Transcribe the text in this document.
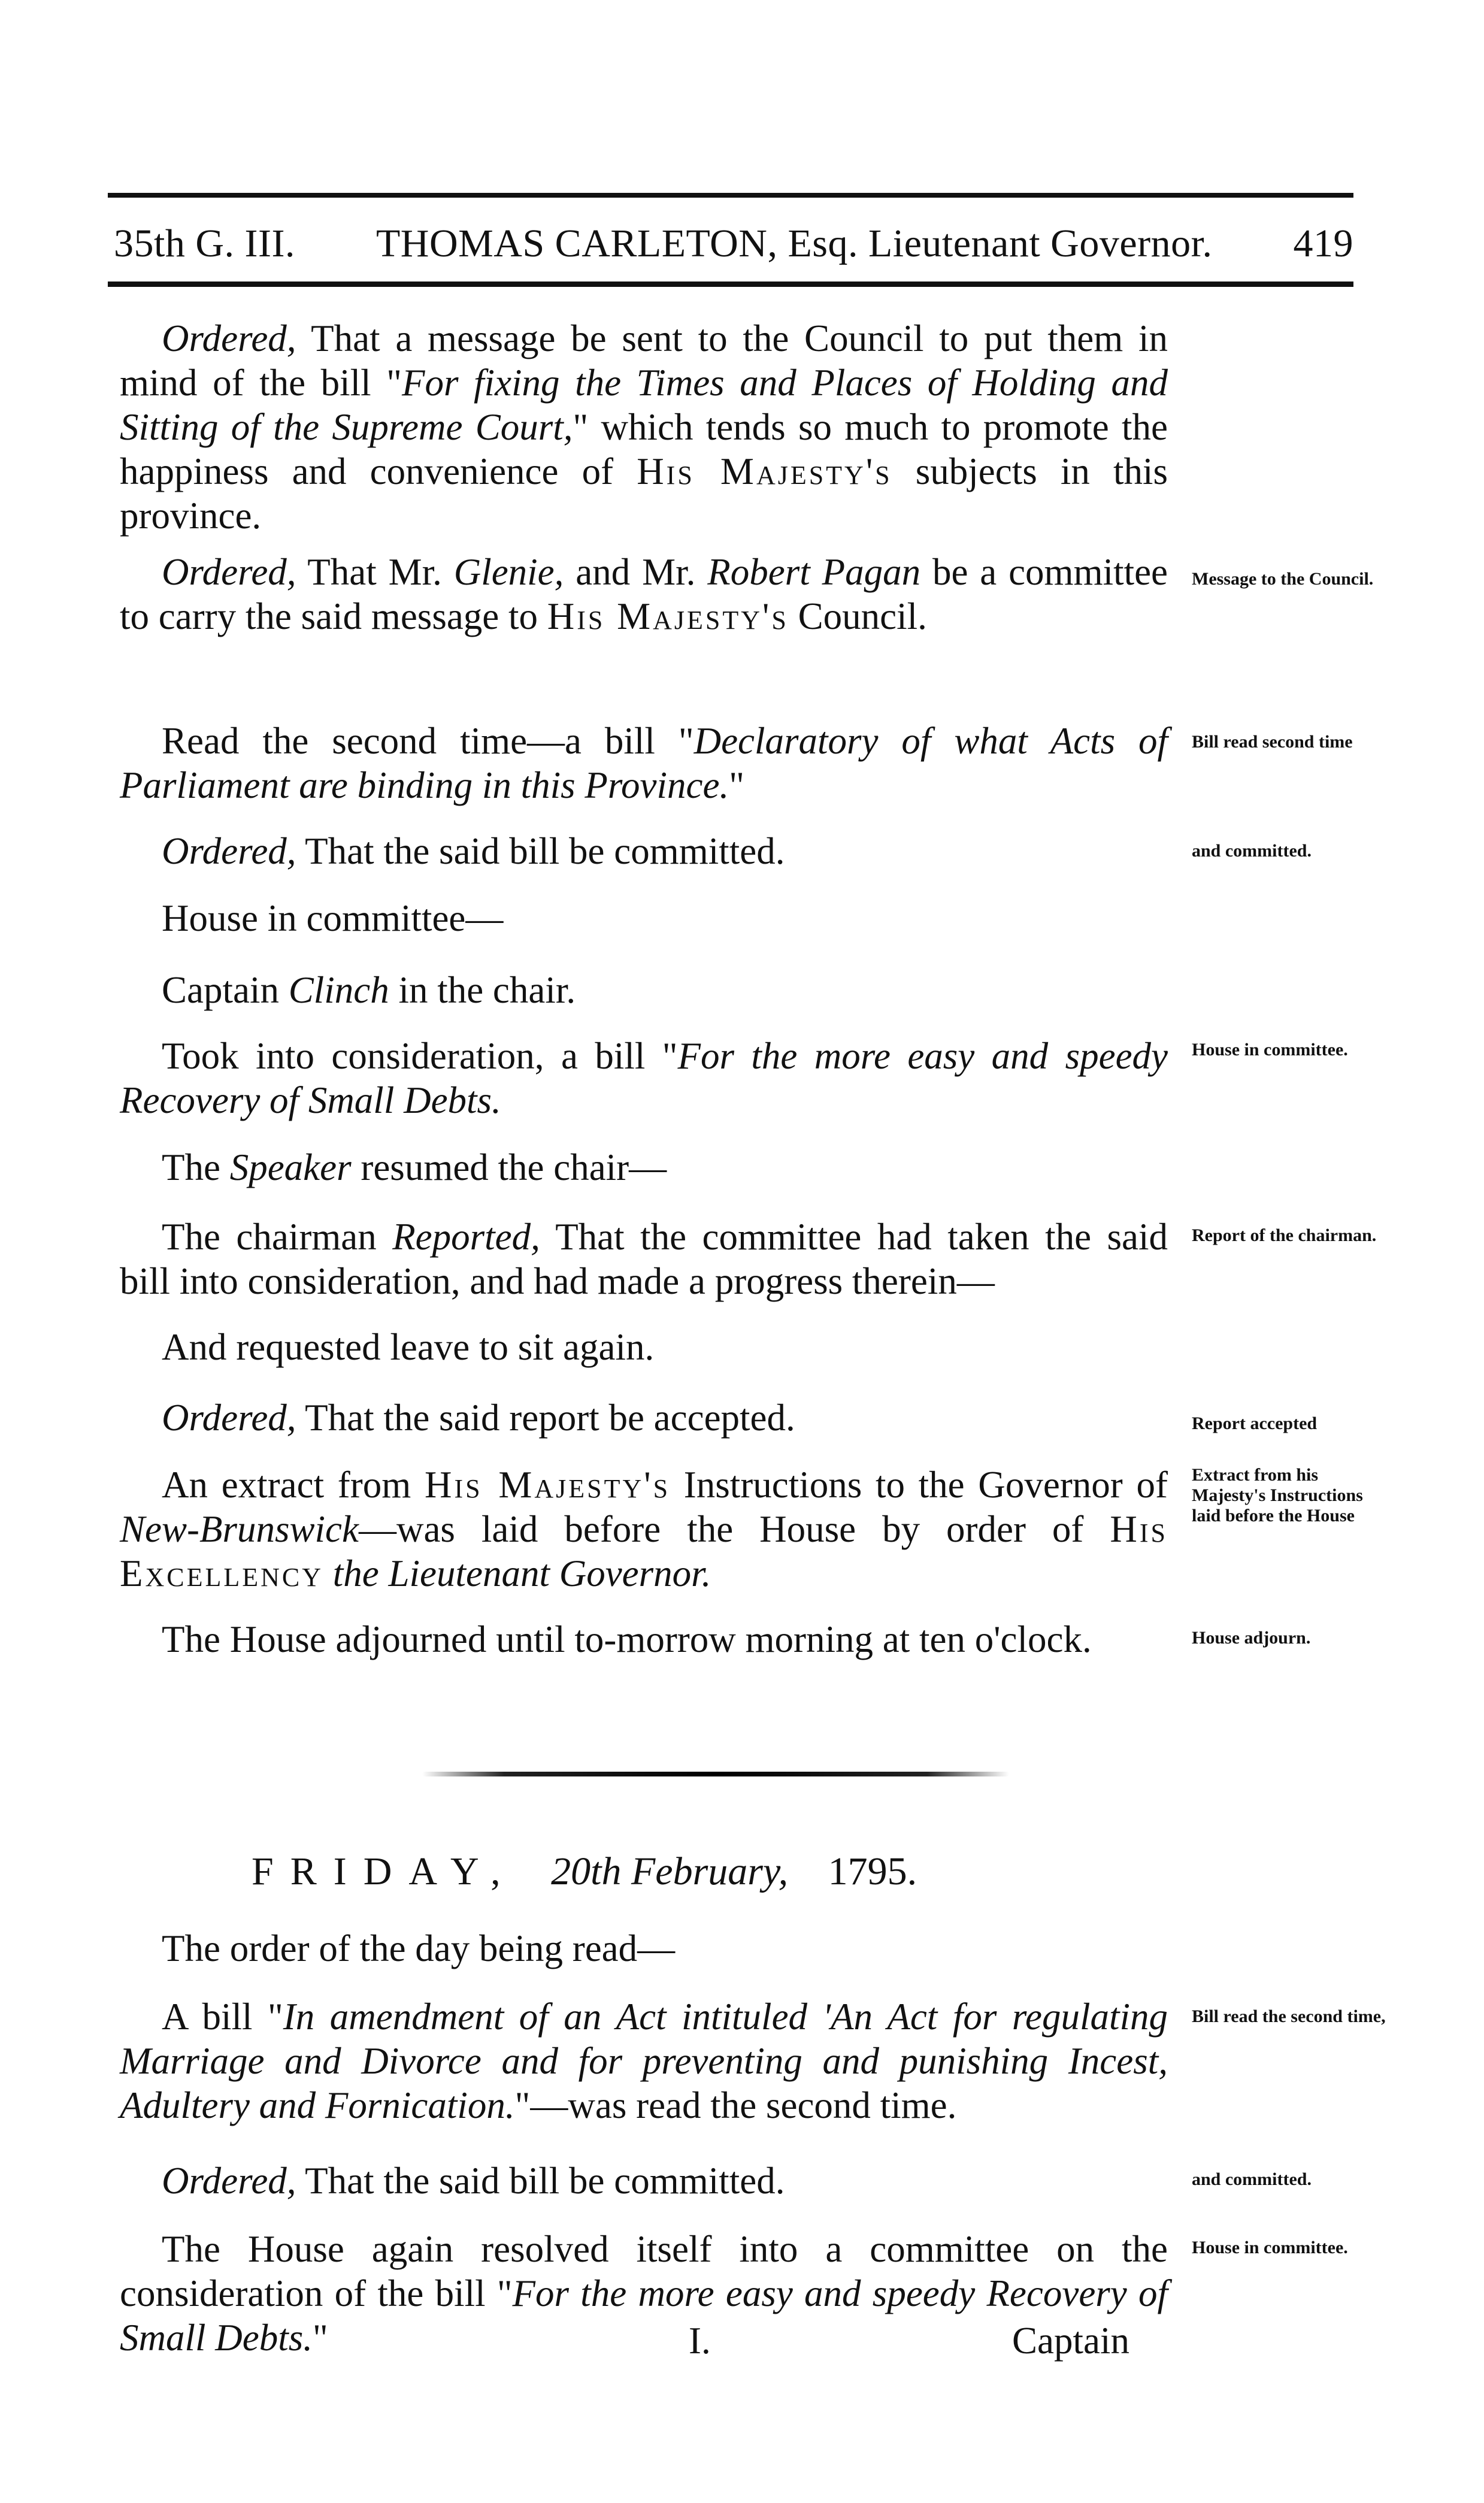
35th G. III. THOMAS CARLETON, Esq. Lieutenant Governor. 419

Ordered, That a message be sent to the Council to put them in mind of the bill "For fixing the Times and Places of Holding and Sitting of the Supreme Court," which tends so much to promote the happiness and convenience of His Majesty's subjects in this province.

Ordered, That Mr. Glenie, and Mr. Robert Pagan be a committee to carry the said message to His Majesty's Council.

Read the second time—a bill "Declaratory of what Acts of Parliament are binding in this Province."

Ordered, That the said bill be committed.

House in committee—

Captain Clinch in the chair.

Took into consideration, a bill "For the more easy and speedy Recovery of Small Debts.

The Speaker resumed the chair—

The chairman Reported, That the committee had taken the said bill into consideration, and had made a progress therein—

And requested leave to sit again.

Ordered, That the said report be accepted.

An extract from His Majesty's Instructions to the Governor of New-Brunswick—was laid before the House by order of His Excellency the Lieutenant Governor.

The House adjourned until to-morrow morning at ten o'clock.

FRIDAY, 20th February, 1795.

The order of the day being read—

A bill "In amendment of an Act intituled 'An Act for regulating Marriage and Divorce and for preventing and punishing Incest, Adultery and Fornication."—was read the second time.

Ordered, That the said bill be committed.

The House again resolved itself into a committee on the consideration of the bill "For the more easy and speedy Recovery of Small Debts."

Message to the Council.
Bill read second time
and committed.
House in committee.
Report of the chairman.
Report accepted
Extract from his Majesty's Instructions laid before the House
House adjourn.
Bill read the second time,
and committed.
House in committee.
I.	Captain
